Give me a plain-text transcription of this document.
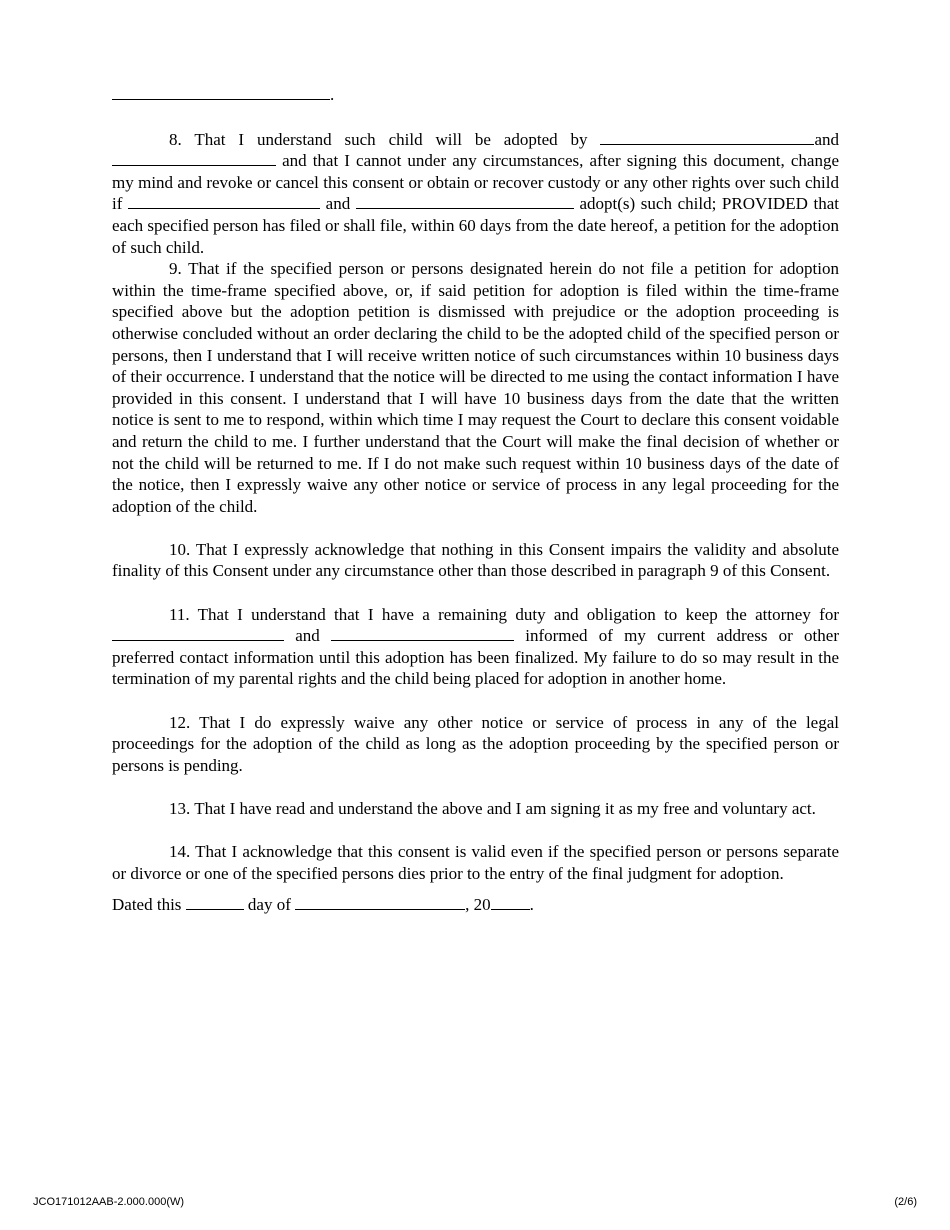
.

8. That I understand such child will be adopted by	and  and that I cannot under any circumstances, after signing this document, change my mind and revoke or cancel this consent or obtain or recover custody or any other rights over such child if	and	adopt(s) such child; PROVIDED that each specified person has filed or shall file, within 60 days from the date hereof, a petition for the adoption of such child.

9. That if the specified person or persons designated herein do not file a petition for adoption within the time-frame specified above, or, if said petition for adoption is filed within the time-frame specified above but the adoption petition is dismissed with prejudice or the adoption proceeding is otherwise concluded without an order declaring the child to be the adopted child of the specified person or persons, then I understand that I will receive written notice of such circumstances within 10 business days of their occurrence. I understand that the notice will be directed to me using the contact information I have provided in this consent. I understand that I will have 10 business days from the date that the written notice is sent to me to respond, within which time I may request the Court to declare this consent voidable and return the child to me. I further understand that the Court will make the final decision of whether or not the child will be returned to me. If I do not make such request within 10 business days of the date of the notice, then I expressly waive any other notice or service of process in any legal proceeding for the adoption of the child.

10. That I expressly acknowledge that nothing in this Consent impairs the validity and absolute finality of this Consent under any circumstance other than those described in paragraph 9 of this Consent.

11. That I understand that I have a remaining duty and obligation to keep the attorney for  and	informed of my current address or other preferred contact information until this adoption has been finalized. My failure to do so may result in the termination of my parental rights and the child being placed for adoption in another home.

12. That I do expressly waive any other notice or service of process in any of the legal proceedings for the adoption of the child as long as the adoption proceeding by the specified person or persons is pending.

13. That I have read and understand the above and I am signing it as my free and voluntary act.

14. That I acknowledge that this consent is valid even if the specified person or persons separate or divorce or one of the specified persons dies prior to the entry of the final judgment for adoption.

Dated this	day of	, 20 .

JCO171012AAB-2.000.000(W)	(2/6)
